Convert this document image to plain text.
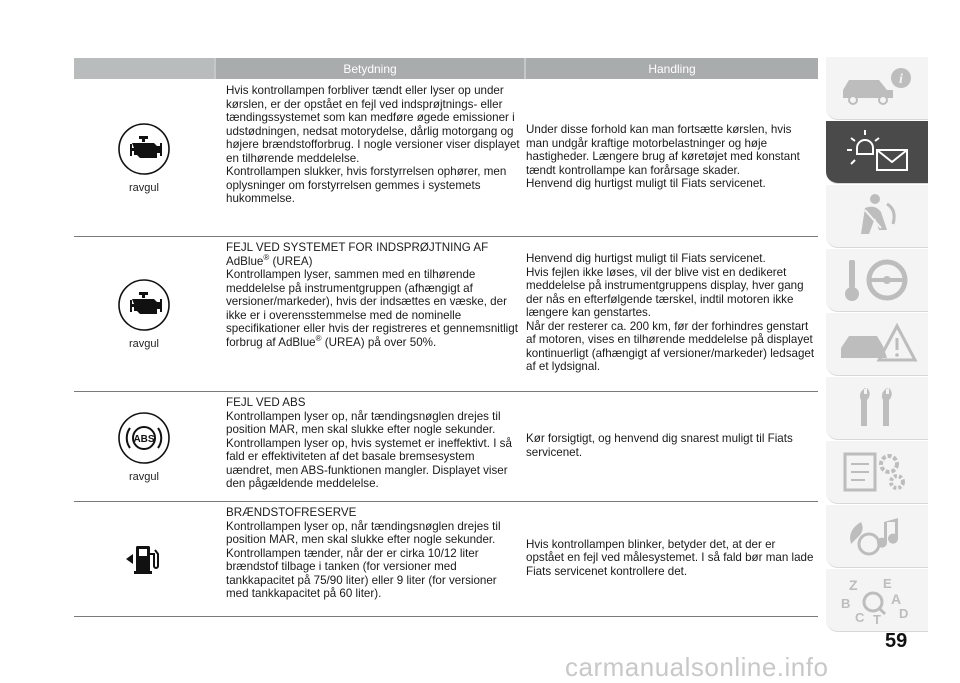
Betydning	Handling
ravgul

Hvis kontrollampen forbliver tændt eller lyser op under kørslen, er der opstået en fejl ved indsprøjtnings- eller tændingssystemet som kan medføre øgede emissioner i udstødningen, nedsat motorydelse, dårlig motorgang og højere brændstofforbrug. I nogle versioner viser displayet en tilhørende meddelelse.

Kontrollampen slukker, hvis forstyrrelsen ophører, men oplysninger om forstyrrelsen gemmes i systemets hukommelse.

Under disse forhold kan man fortsætte kørslen, hvis man undgår kraftige motorbelastninger og høje hastigheder. Længere brug af køretøjet med konstant tændt kontrollampe kan forårsage skader.

Henvend dig hurtigst muligt til Fiats servicenet.

ravgul

FEJL VED SYSTEMET FOR INDSPRØJTNING AF AdBlue® (UREA)

Kontrollampen lyser, sammen med en tilhørende meddelelse på instrumentgruppen (afhængigt af versioner/markeder), hvis der indsættes en væske, der ikke er i overensstemmelse med de nominelle specifikationer eller hvis der registreres et gennemsnitligt forbrug af AdBlue® (UREA) på over 50%.

Henvend dig hurtigst muligt til Fiats servicenet.

Hvis fejlen ikke løses, vil der blive vist en dedikeret meddelelse på instrumentgruppens display, hver gang der nås en efterfølgende tærskel, indtil motoren ikke længere kan genstartes.

Når der resterer ca. 200 km, før der forhindres genstart af motoren, vises en tilhørende meddelelse på displayet kontinuerligt (afhængigt af versioner/markeder) ledsaget af et lydsignal.

ABS
ravgul

FEJL VED ABS

Kontrollampen lyser op, når tændingsnøglen drejes til position MAR, men skal slukke efter nogle sekunder. Kontrollampen lyser op, hvis systemet er ineffektivt. I så fald er effektiviteten af det basale bremsesystem uændret, men ABS-funktionen mangler. Displayet viser den pågældende meddelelse.

Kør forsigtigt, og henvend dig snarest muligt til Fiats servicenet.

BRÆNDSTOFRESERVE

Kontrollampen lyser op, når tændingsnøglen drejes til position MAR, men skal slukke efter nogle sekunder. Kontrollampen tænder, når der er cirka 10/12 liter brændstof tilbage i tanken (for versioner med tankkapacitet på 75/90 liter) eller 9 liter (for versioner med tankkapacitet på 60 liter).

Hvis kontrollampen blinker, betyder det, at der er opstået en fejl ved målesystemet. I så fald bør man lade Fiats servicenet kontrollere det.

i
Z E
A
B
D
C T
59
carmanualsonline.info
